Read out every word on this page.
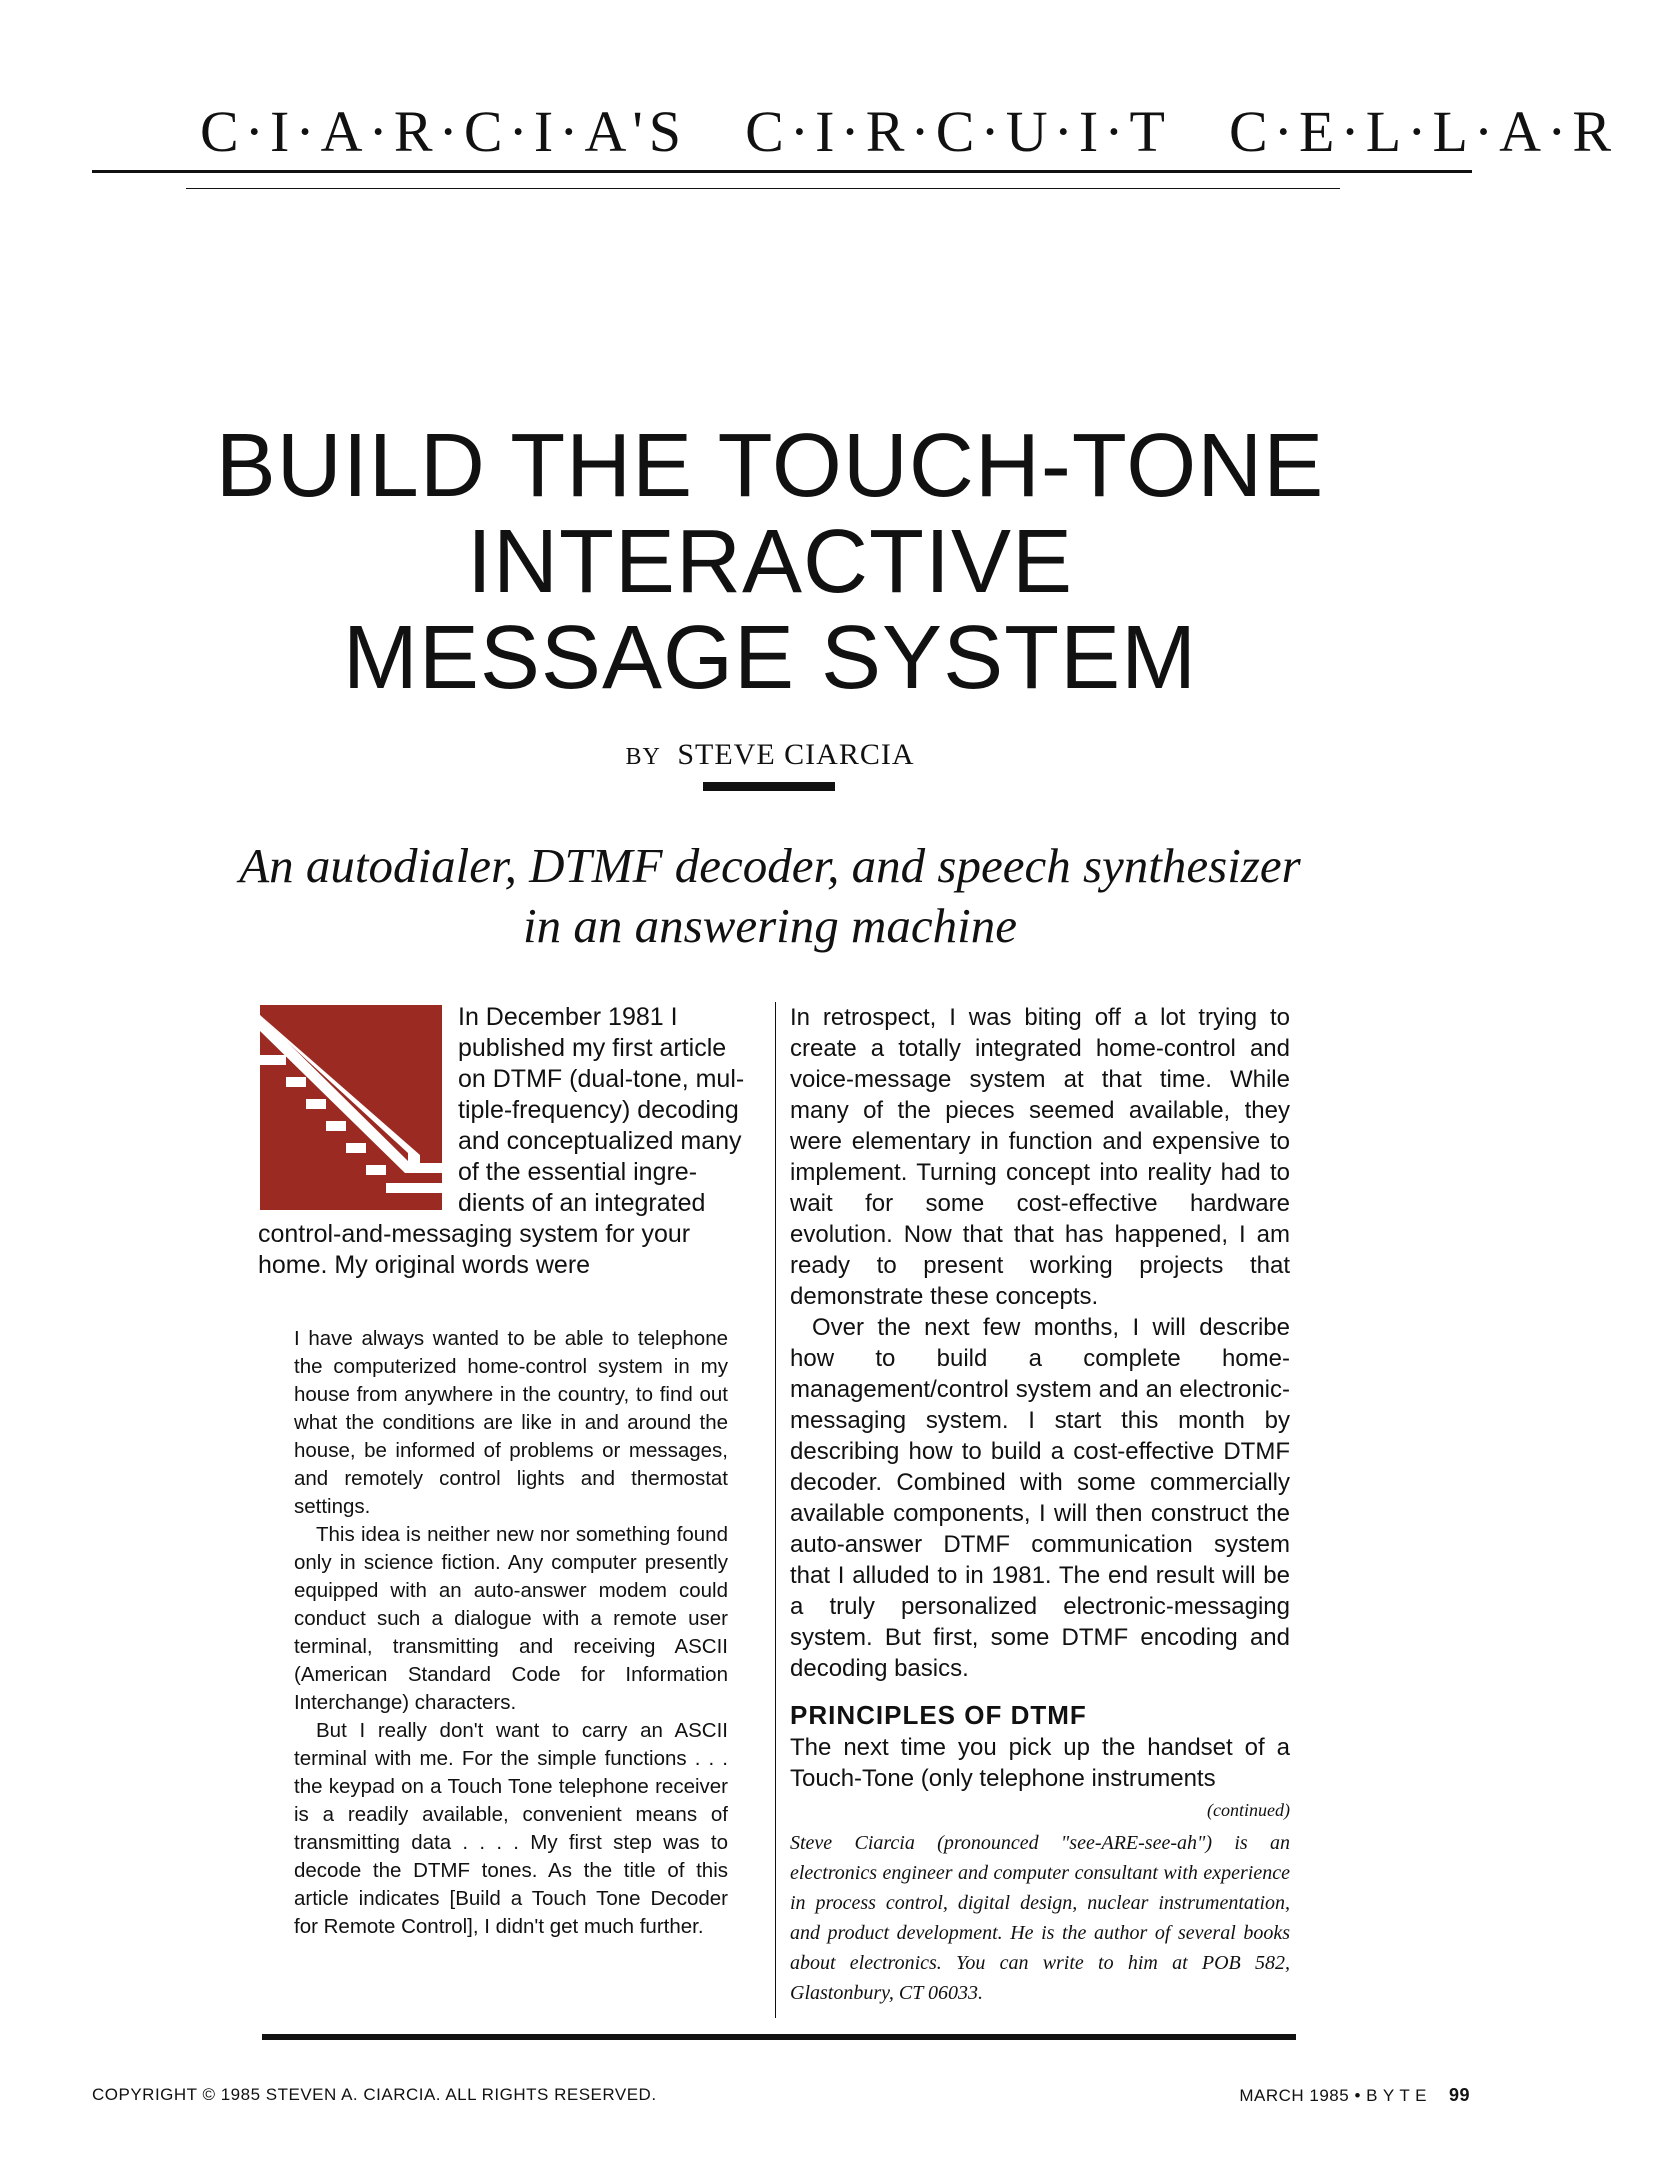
C·I·A·R·C·I·A'S C·I·R·C·U·I·T C·E·L·L·A·R
BUILD THE TOUCH-TONE
INTERACTIVE
MESSAGE SYSTEM
BY STEVE CIARCIA
An autodialer, DTMF decoder, and speech synthesizer
in an answering machine
In December 1981 I
published my first article
on DTMF (dual-tone, mul-
tiple-frequency) decoding
and conceptualized many
of the essential ingre-
dients of an integrated
control-and-messaging system for your
home. My original words were

I have always wanted to be able to telephone the computerized home-control system in my house from anywhere in the country, to find out what the conditions are like in and around the house, be informed of problems or messages, and remotely control lights and thermostat settings.

This idea is neither new nor something found only in science fiction. Any computer presently equipped with an auto-answer modem could conduct such a dialogue with a remote user terminal, transmitting and receiving ASCII (American Standard Code for Information Interchange) characters.

But I really don't want to carry an ASCII terminal with me. For the simple functions . . . the keypad on a Touch Tone telephone receiver is a readily available, convenient means of transmitting data . . . . My first step was to decode the DTMF tones. As the title of this article indicates [Build a Touch Tone Decoder for Remote Control], I didn't get much further.

In retrospect, I was biting off a lot trying to create a totally integrated home-control and voice-message system at that time. While many of the pieces seemed available, they were elementary in function and expensive to implement. Turning concept into reality had to wait for some cost-effective hardware evolution. Now that that has happened, I am ready to present working projects that demonstrate these concepts.

Over the next few months, I will describe how to build a complete home-management/control system and an electronic-messaging system. I start this month by describing how to build a cost-effective DTMF decoder. Combined with some commercially available components, I will then construct the auto-answer DTMF communication system that I alluded to in 1981. The end result will be a truly personalized electronic-messaging system. But first, some DTMF encoding and decoding basics.

PRINCIPLES OF DTMF

The next time you pick up the handset of a Touch-Tone (only telephone instruments

(continued)
Steve Ciarcia (pronounced "see-ARE-see-ah") is an electronics engineer and computer consultant with experience in process control, digital design, nuclear instrumentation, and product development. He is the author of several books about electronics. You can write to him at POB 582, Glastonbury, CT 06033.
COPYRIGHT © 1985 STEVEN A. CIARCIA. ALL RIGHTS RESERVED.	MARCH 1985 • B Y T E 99
